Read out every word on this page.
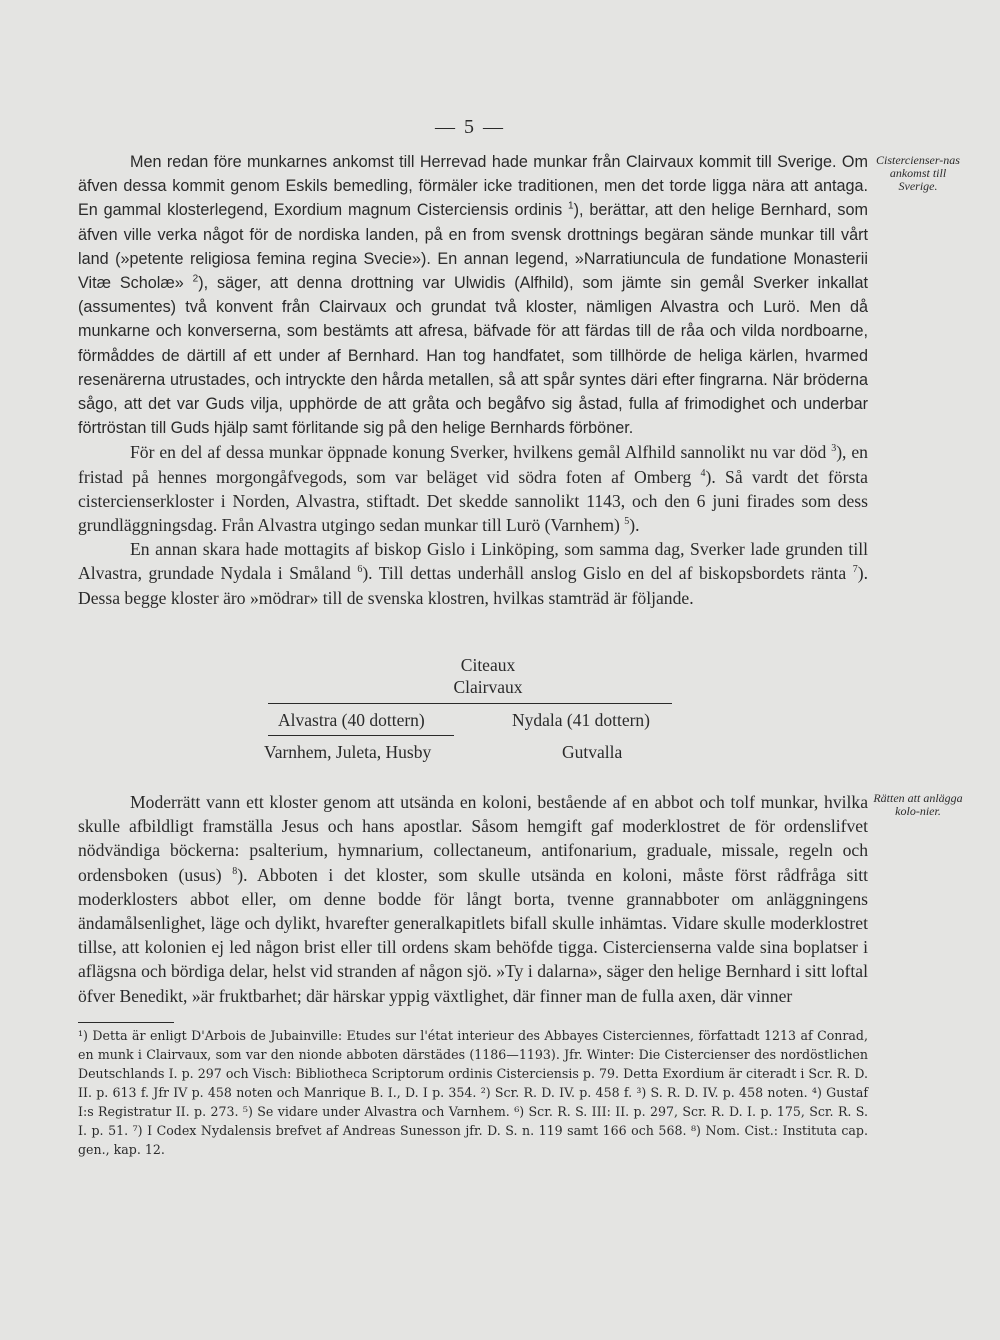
— 5 —
Cistercienser-nas ankomst till Sverige.
Rätten att anlägga kolo-nier.

Men redan före munkarnes ankomst till Herrevad hade munkar från Clairvaux kommit till Sverige. Om äfven dessa kommit genom Eskils bemedling, förmäler icke traditionen, men det torde ligga nära att antaga. En gammal klosterlegend, Exordium magnum Cisterciensis ordinis $^1$), berättar, att den helige Bernhard, som äfven ville verka något för de nordiska landen, på en from svensk drottnings begäran sände munkar till vårt land (»petente religiosa femina regina Svecie»). En annan legend, »Narratiuncula de fundatione Monasterii Vitæ Scholæ» $^2$), säger, att denna drottning var Ulwidis (Alfhild), som jämte sin gemål Sverker inkallat (assumentes) två konvent från Clairvaux och grundat två kloster, nämligen Alvastra och Lurö. Men då munkarne och konverserna, som bestämts att afresa, bäfvade för att färdas till de råa och vilda nordboarne, förmåddes de därtill af ett under af Bernhard. Han tog handfatet, som tillhörde de heliga kärlen, hvarmed resenärerna utrustades, och intryckte den hårda metallen, så att spår syntes däri efter fingrarna. När bröderna sågo, att det var Guds vilja, upphörde de att gråta och begåfvo sig åstad, fulla af frimodighet och underbar förtröstan till Guds hjälp samt förlitande sig på den helige Bernhards förböner.

För en del af dessa munkar öppnade konung Sverker, hvilkens gemål Alfhild sannolikt nu var död $^3$), en fristad på hennes morgongåfvegods, som var beläget vid södra foten af Omberg $^4$). Så vardt det första cistercienserkloster i Norden, Alvastra, stiftadt. Det skedde sannolikt 1143, och den 6 juni firades som dess grundläggningsdag. Från Alvastra utgingo sedan munkar till Lurö (Varnhem) $^5$).

En annan skara hade mottagits af biskop Gislo i Linköping, som samma dag, Sverker lade grunden till Alvastra, grundade Nydala i Småland $^6$). Till dettas underhåll anslog Gislo en del af biskopsbordets ränta $^7$). Dessa begge kloster äro »mödrar» till de svenska klostren, hvilkas stamträd är följande.

Citeaux
Clairvaux
Alvastra (40 dottern)	Nydala (41 dottern)
Varnhem, Juleta, Husby	Gutvalla

Moderrätt vann ett kloster genom att utsända en koloni, bestående af en abbot och tolf munkar, hvilka skulle afbildligt framställa Jesus och hans apostlar. Såsom hemgift gaf moderklostret de för ordenslifvet nödvändiga böckerna: psalterium, hymnarium, collectaneum, antifonarium, graduale, missale, regeln och ordensboken (usus) $^8$). Abboten i det kloster, som skulle utsända en koloni, måste först rådfråga sitt moderklosters abbot eller, om denne bodde för långt borta, tvenne grannabboter om anläggningens ändamålsenlighet, läge och dylikt, hvarefter generalkapitlets bifall skulle inhämtas. Vidare skulle moderklostret tillse, att kolonien ej led någon brist eller till ordens skam behöfde tigga. Cistercienserna valde sina boplatser i aflägsna och bördiga delar, helst vid stranden af någon sjö. »Ty i dalarna», säger den helige Bernhard i sitt loftal öfver Benedikt, »är fruktbarhet; där härskar yppig växtlighet, där finner man de fulla axen, där vinner

¹) Detta är enligt D'Arbois de Jubainville: Etudes sur l'état interieur des Abbayes Cisterciennes, författadt 1213 af Conrad, en munk i Clairvaux, som var den nionde abboten därstädes (1186—1193). Jfr. Winter: Die Cistercienser des nordöstlichen Deutschlands I. p. 297 och Visch: Bibliotheca Scriptorum ordinis Cisterciensis p. 79. Detta Exordium är citeradt i Scr. R. D. II. p. 613 f. Jfr IV p. 458 noten och Manrique B. I., D. I p. 354. ²) Scr. R. D. IV. p. 458 f. ³) S. R. D. IV. p. 458 noten. ⁴) Gustaf I:s Registratur II. p. 273. ⁵) Se vidare under Alvastra och Varnhem. ⁶) Scr. R. S. III: II. p. 297, Scr. R. D. I. p. 175, Scr. R. S. I. p. 51. ⁷) I Codex Nydalensis brefvet af Andreas Sunesson jfr. D. S. n. 119 samt 166 och 568. ⁸) Nom. Cist.: Instituta cap. gen., kap. 12.
